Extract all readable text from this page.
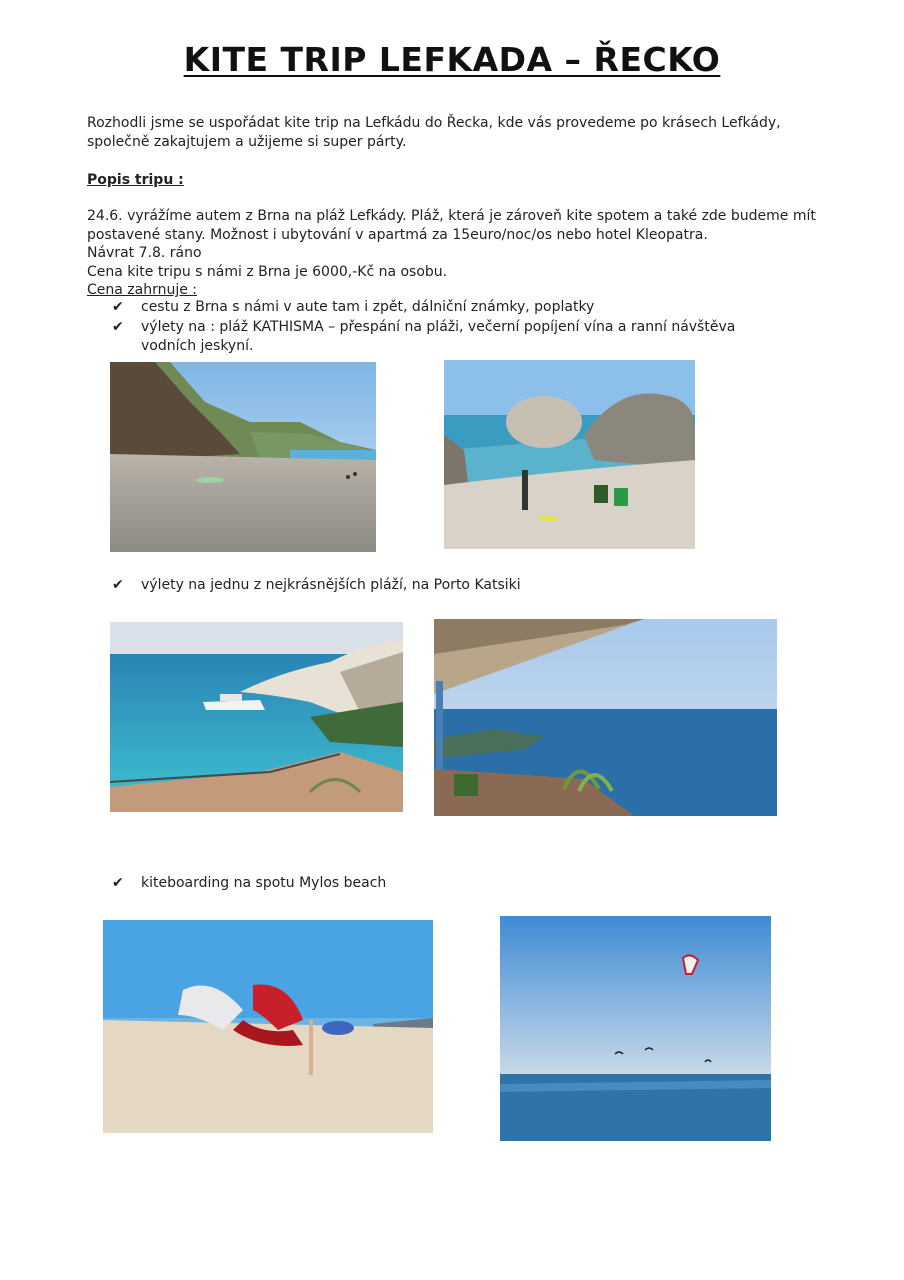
KITE TRIP LEFKADA – ŘECKO
Rozhodli jsme se uspořádat kite trip na Lefkádu do Řecka, kde vás provedeme po krásech Lefkády, společně zakajtujem a užijeme si super párty.
Popis tripu :

24.6. vyrážíme autem z Brna na pláž Lefkády. Pláž, která je zároveň kite spotem a také zde budeme mít postavené stany. Možnost i ubytování v apartmá za 15euro/noc/os nebo hotel Kleopatra.

Návrat 7.8. ráno

Cena kite tripu s námi z Brna je 6000,-Kč na osobu.

Cena zahrnuje :

✔	cestu z Brna s námi v aute tam i zpět, dálniční známky, poplatky
✔	výlety na : pláž KATHISMA – přespání na pláži, večerní popíjení vína a ranní návštěva vodních jeskyní.
✔	výlety na jednu z nejkrásnějších pláží, na Porto Katsiki
✔	kiteboarding na spotu Mylos beach
